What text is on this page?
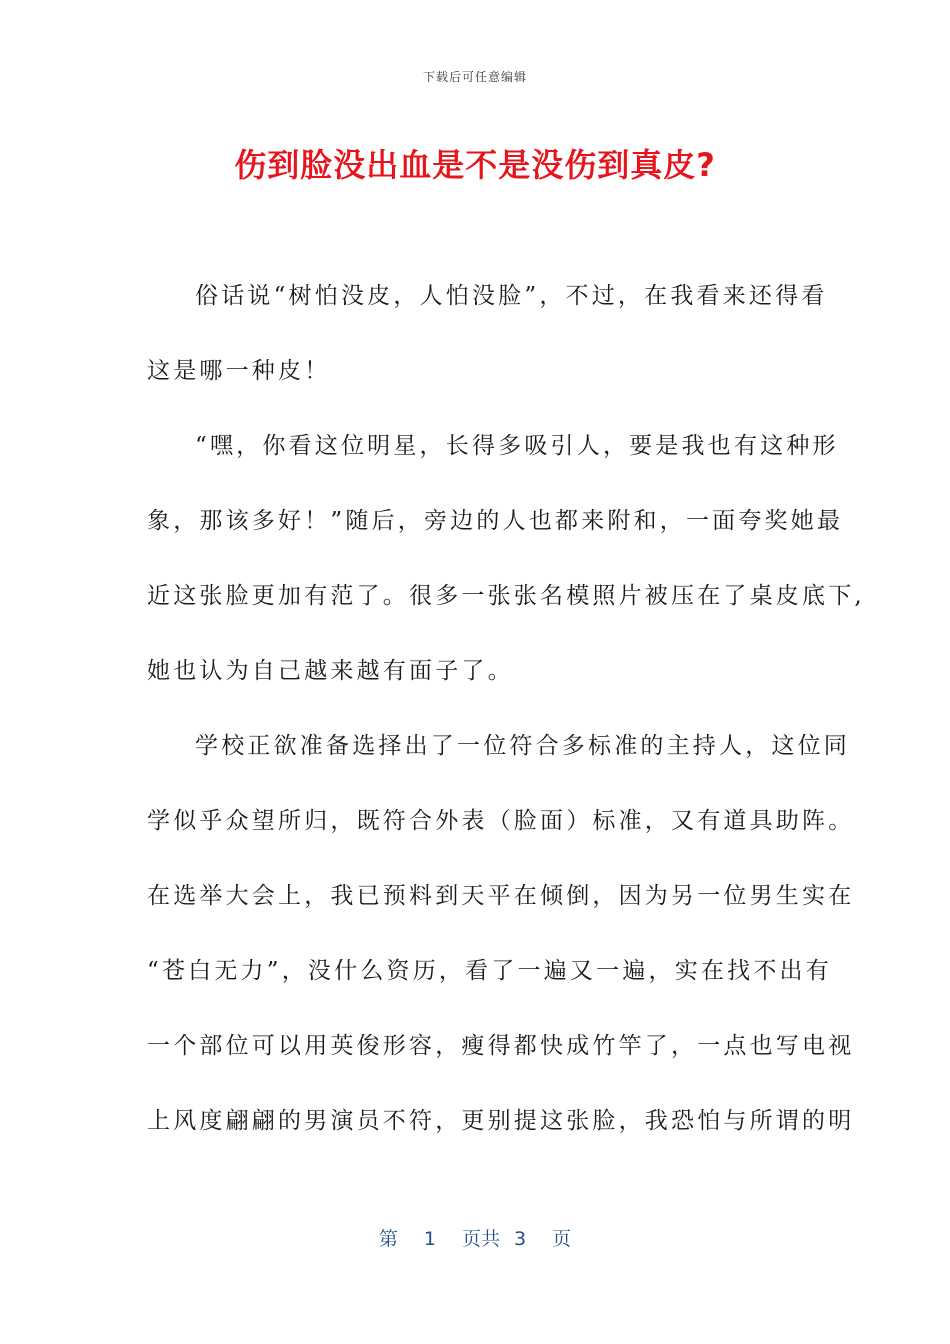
下载后可任意编辑
伤到脸没出血是不是没伤到真皮?
俗话说“树怕没皮，人怕没脸”，不过，在我看来还得看
这是哪一种皮！
“嘿，你看这位明星，长得多吸引人，要是我也有这种形
象，那该多好！”随后，旁边的人也都来附和，一面夸奖她最
近这张脸更加有范了。很多一张张名模照片被压在了桌皮底下,
她也认为自己越来越有面子了。
学校正欲准备选择出了一位符合多标准的主持人，这位同
学似乎众望所归，既符合外表（脸面）标准，又有道具助阵。
在选举大会上，我已预料到天平在倾倒，因为另一位男生实在
“苍白无力”，没什么资历，看了一遍又一遍，实在找不出有
一个部位可以用英俊形容，瘦得都快成竹竿了，一点也写电视
上风度翩翩的男演员不符，更别提这张脸，我恐怕与所谓的明
第 1 页共 3 页
